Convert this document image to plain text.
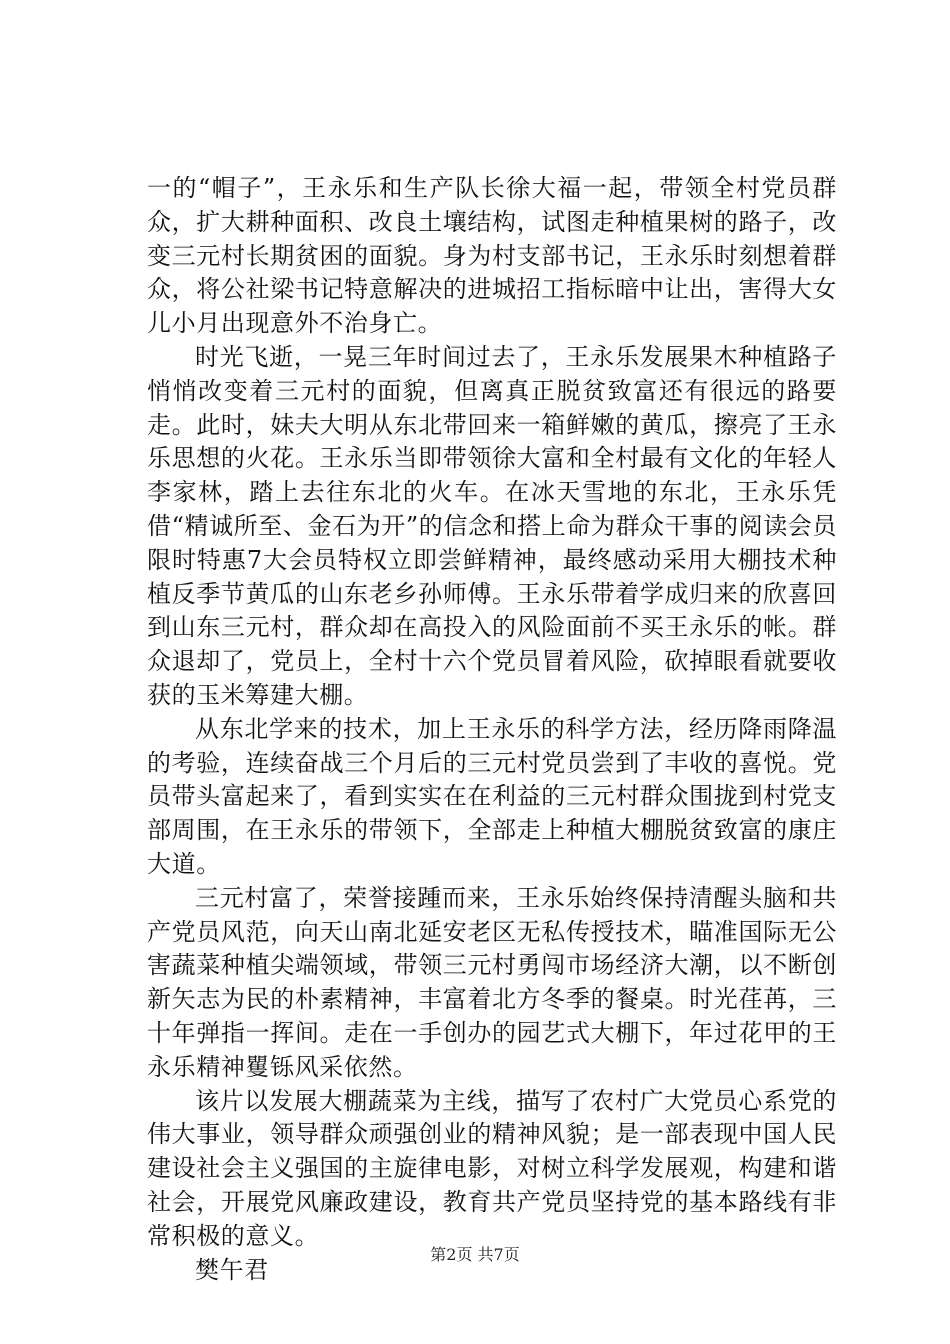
一的“帽子”，王永乐和生产队长徐大福一起，带领全村党员群众，扩大耕种面积、改良土壤结构，试图走种植果树的路子，改变三元村长期贫困的面貌。身为村支部书记，王永乐时刻想着群众，将公社梁书记特意解决的进城招工指标暗中让出，害得大女儿小月出现意外不治身亡。

时光飞逝，一晃三年时间过去了，王永乐发展果木种植路子悄悄改变着三元村的面貌，但离真正脱贫致富还有很远的路要走。此时，妹夫大明从东北带回来一箱鲜嫩的黄瓜，擦亮了王永乐思想的火花。王永乐当即带领徐大富和全村最有文化的年轻人李家林，踏上去往东北的火车。在冰天雪地的东北，王永乐凭借“精诚所至、金石为开”的信念和搭上命为群众干事的阅读会员限时特惠7大会员特权立即尝鲜精神，最终感动采用大棚技术种植反季节黄瓜的山东老乡孙师傅。王永乐带着学成归来的欣喜回到山东三元村，群众却在高投入的风险面前不买王永乐的帐。群众退却了，党员上，全村十六个党员冒着风险，砍掉眼看就要收获的玉米筹建大棚。

从东北学来的技术，加上王永乐的科学方法，经历降雨降温的考验，连续奋战三个月后的三元村党员尝到了丰收的喜悦。党员带头富起来了，看到实实在在利益的三元村群众围拢到村党支部周围，在王永乐的带领下，全部走上种植大棚脱贫致富的康庄大道。

三元村富了，荣誉接踵而来，王永乐始终保持清醒头脑和共产党员风范，向天山南北延安老区无私传授技术，瞄准国际无公害蔬菜种植尖端领域，带领三元村勇闯市场经济大潮，以不断创新矢志为民的朴素精神，丰富着北方冬季的餐桌。时光荏苒，三十年弹指一挥间。走在一手创办的园艺式大棚下，年过花甲的王永乐精神矍铄风采依然。

该片以发展大棚蔬菜为主线，描写了农村广大党员心系党的伟大事业，领导群众顽强创业的精神风貌；是一部表现中国人民建设社会主义强国的主旋律电影，对树立科学发展观，构建和谐社会，开展党风廉政建设，教育共产党员坚持党的基本路线有非常积极的意义。

樊午君

第2页 共7页
